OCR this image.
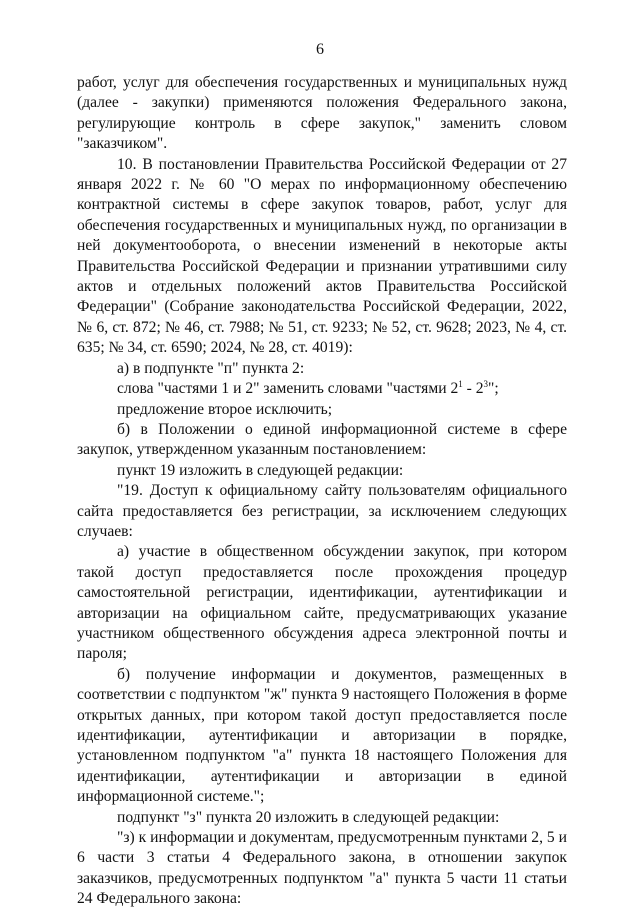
6

работ, услуг для обеспечения государственных и муниципальных нужд (далее - закупки) применяются положения Федерального закона, регулирующие контроль в сфере закупок," заменить словом "заказчиком".

10. В постановлении Правительства Российской Федерации от 27 января 2022 г. № 60 "О мерах по информационному обеспечению контрактной системы в сфере закупок товаров, работ, услуг для обеспечения государственных и муниципальных нужд, по организации в ней документооборота, о внесении изменений в некоторые акты Правительства Российской Федерации и признании утратившими силу актов и отдельных положений актов Правительства Российской Федерации" (Собрание законодательства Российской Федерации, 2022, № 6, ст. 872; № 46, ст. 7988; № 51, ст. 9233; № 52, ст. 9628; 2023, № 4, ст. 635; № 34, ст. 6590; 2024, № 28, ст. 4019):

а) в подпункте "п" пункта 2:

слова "частями 1 и 2" заменить словами "частями $2^1 - 2^3$";

предложение второе исключить;

б) в Положении о единой информационной системе в сфере закупок, утвержденном указанным постановлением:

пункт 19 изложить в следующей редакции:

"19. Доступ к официальному сайту пользователям официального сайта предоставляется без регистрации, за исключением следующих случаев:

а) участие в общественном обсуждении закупок, при котором такой доступ предоставляется после прохождения процедур самостоятельной регистрации, идентификации, аутентификации и авторизации на официальном сайте, предусматривающих указание участником общественного обсуждения адреса электронной почты и пароля;

б) получение информации и документов, размещенных в соответствии с подпунктом "ж" пункта 9 настоящего Положения в форме открытых данных, при котором такой доступ предоставляется после идентификации, аутентификации и авторизации в порядке, установленном подпунктом "а" пункта 18 настоящего Положения для идентификации, аутентификации и авторизации в единой информационной системе.";

подпункт "з" пункта 20 изложить в следующей редакции:

"з) к информации и документам, предусмотренным пунктами 2, 5 и 6 части 3 статьи 4 Федерального закона, в отношении закупок заказчиков, предусмотренных подпунктом "а" пункта 5 части 11 статьи 24 Федерального закона:
